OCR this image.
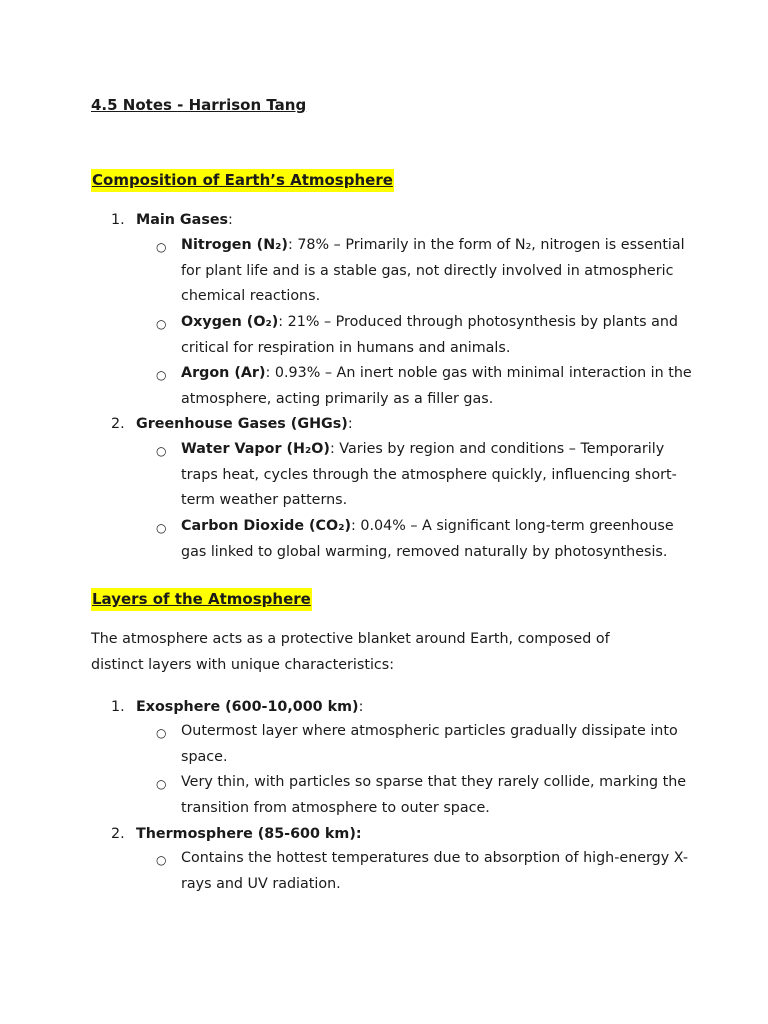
4.5 Notes - Harrison Tang
Composition of Earth’s Atmosphere
1. Main Gases:
○ Nitrogen (N₂): 78% – Primarily in the form of N₂, nitrogen is essential for plant life and is a stable gas, not directly involved in atmospheric chemical reactions.
○ Oxygen (O₂): 21% – Produced through photosynthesis by plants and critical for respiration in humans and animals.
○ Argon (Ar): 0.93% – An inert noble gas with minimal interaction in the atmosphere, acting primarily as a filler gas.
2. Greenhouse Gases (GHGs):
○ Water Vapor (H₂O): Varies by region and conditions – Temporarily traps heat, cycles through the atmosphere quickly, influencing short-term weather patterns.
○ Carbon Dioxide (CO₂): 0.04% – A significant long-term greenhouse gas linked to global warming, removed naturally by photosynthesis.
Layers of the Atmosphere
The atmosphere acts as a protective blanket around Earth, composed of distinct layers with unique characteristics:
1. Exosphere (600-10,000 km):
○ Outermost layer where atmospheric particles gradually dissipate into space.
○ Very thin, with particles so sparse that they rarely collide, marking the transition from atmosphere to outer space.
2. Thermosphere (85-600 km):
○ Contains the hottest temperatures due to absorption of high-energy X-rays and UV radiation.
